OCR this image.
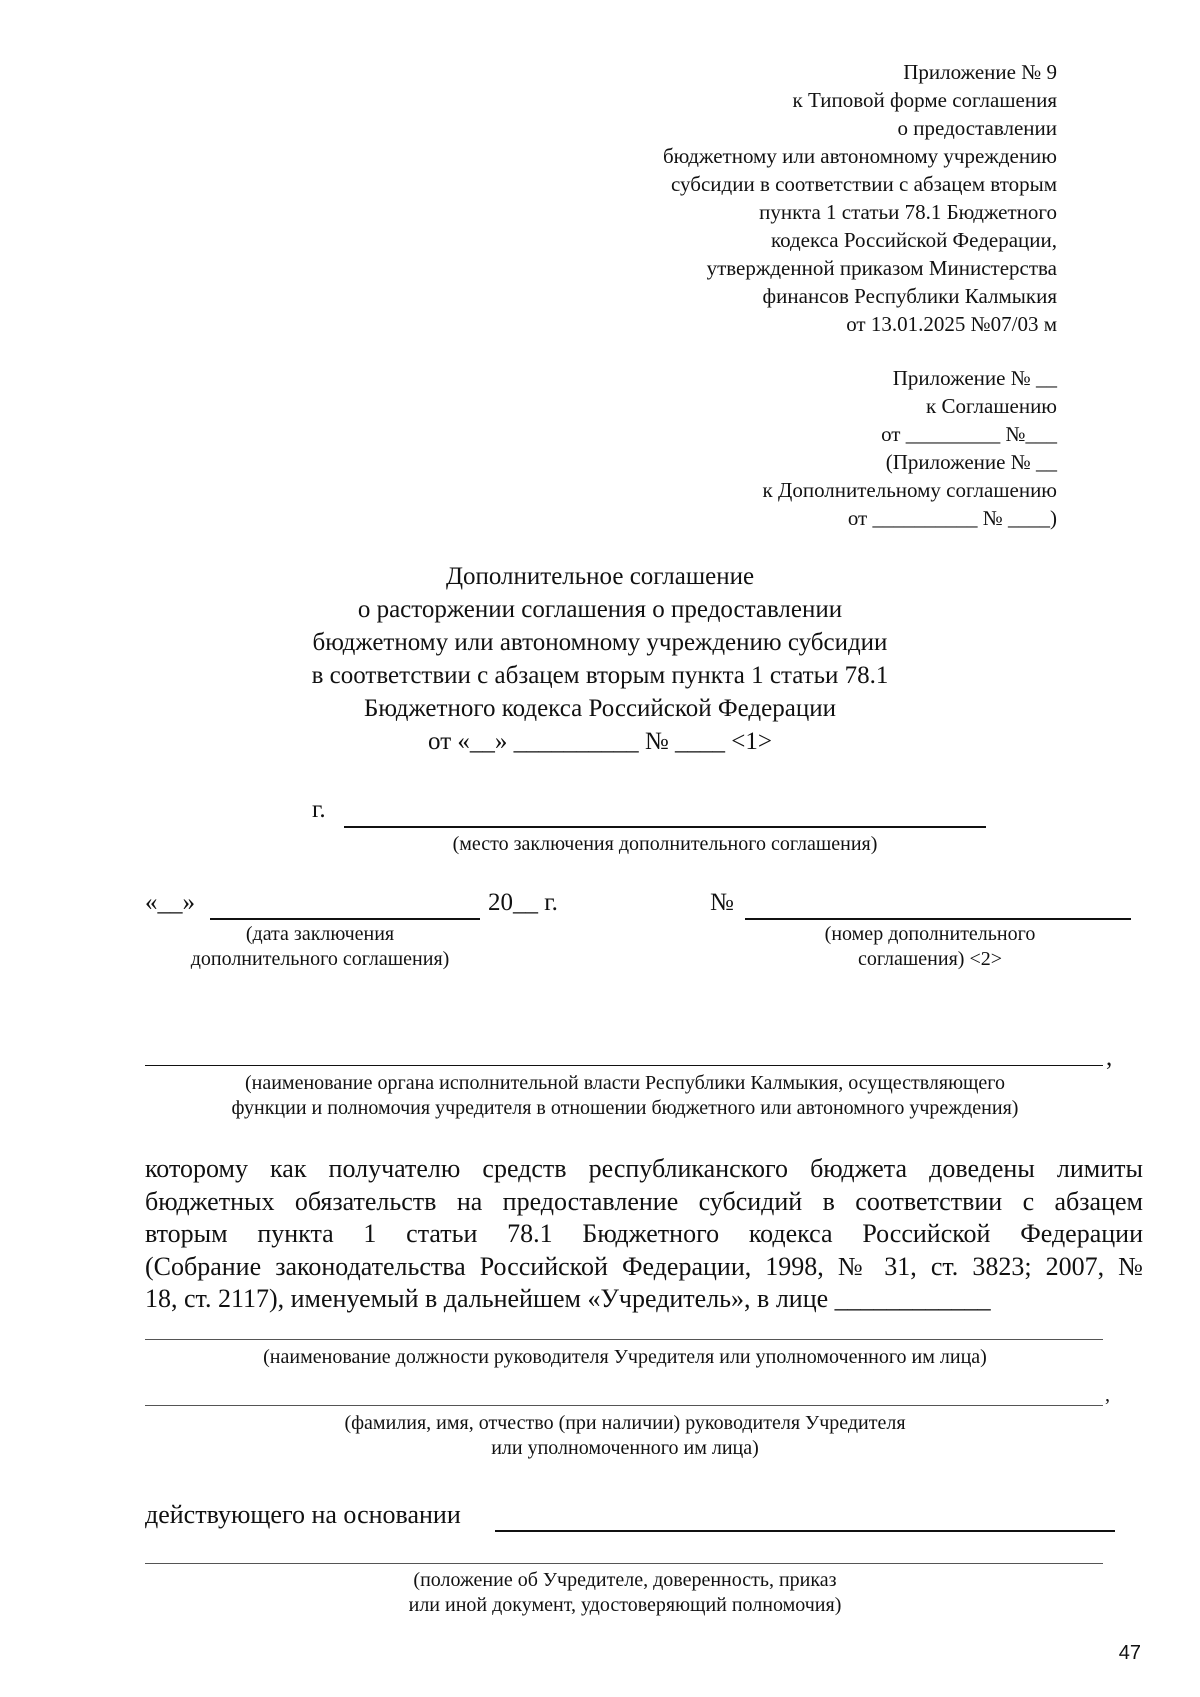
Приложение № 9
к Типовой форме соглашения
о предоставлении
бюджетному или автономному учреждению
субсидии в соответствии с абзацем вторым
пункта 1 статьи 78.1 Бюджетного
кодекса Российской Федерации,
утвержденной приказом Министерства
финансов Республики Калмыкия
от 13.01.2025 №07/03 м
Приложение № __
к Соглашению
от _________ №___
(Приложение № __
к Дополнительному соглашению
от __________ № ____)
Дополнительное соглашение
о расторжении соглашения о предоставлении
бюджетному или автономному учреждению субсидии
в соответствии с абзацем вторым пункта 1 статьи 78.1
Бюджетного кодекса Российской Федерации
от «__» __________ № ____ <1>
г.
(место заключения дополнительного соглашения)
«__»	20__ г.
(дата заключения
дополнительного соглашения)
№
(номер дополнительного
соглашения) <2>
,
(наименование органа исполнительной власти Республики Калмыкия, осуществляющего
функции и полномочия учредителя в отношении бюджетного или автономного учреждения)
которому как получателю средств республиканского бюджета доведены лимиты
бюджетных обязательств на предоставление субсидий в соответствии с абзацем
вторым пункта 1 статьи 78.1 Бюджетного кодекса Российской Федерации
(Собрание законодательства Российской Федерации, 1998, № 31, ст. 3823; 2007, №
18, ст. 2117), именуемый в дальнейшем «Учредитель», в лице ____________
(наименование должности руководителя Учредителя или уполномоченного им лица)
,
(фамилия, имя, отчество (при наличии) руководителя Учредителя
или уполномоченного им лица)
действующего на основании
(положение об Учредителе, доверенность, приказ
или иной документ, удостоверяющий полномочия)
47
